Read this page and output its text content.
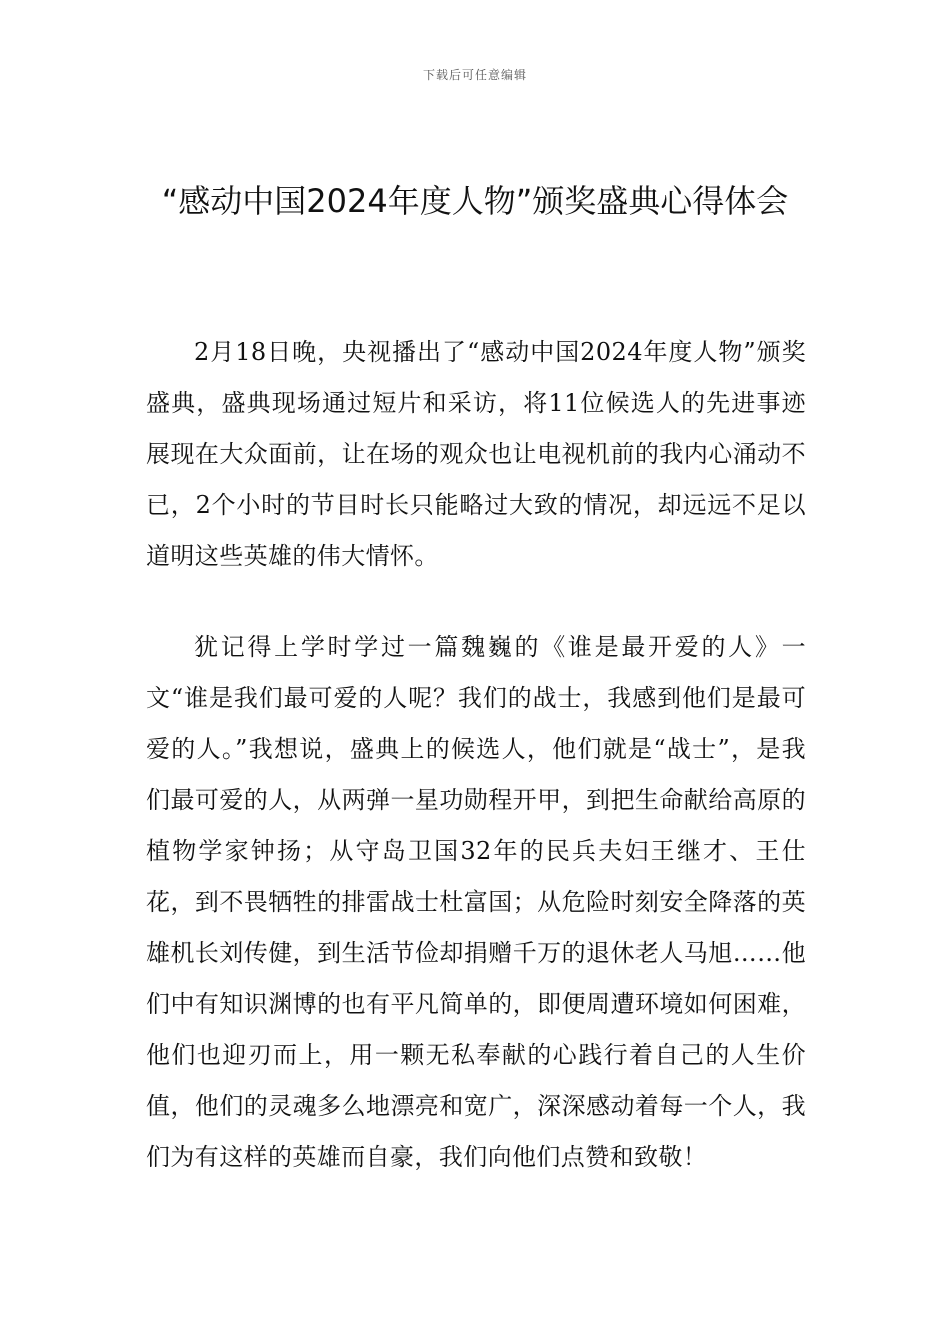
下载后可任意编辑
“感动中国2024年度人物”颁奖盛典心得体会

2月18日晚，央视播出了“感动中国2024年度人物”颁奖盛典，盛典现场通过短片和采访，将11位候选人的先进事迹展现在大众面前，让在场的观众也让电视机前的我内心涌动不已，2个小时的节目时长只能略过大致的情况，却远远不足以道明这些英雄的伟大情怀。

犹记得上学时学过一篇魏巍的《谁是最开爱的人》一文“谁是我们最可爱的人呢？我们的战士，我感到他们是最可爱的人。”我想说，盛典上的候选人，他们就是“战士”，是我们最可爱的人，从两弹一星功勋程开甲，到把生命献给高原的植物学家钟扬；从守岛卫国32年的民兵夫妇王继才、王仕花，到不畏牺牲的排雷战士杜富国；从危险时刻安全降落的英雄机长刘传健，到生活节俭却捐赠千万的退休老人马旭……他们中有知识渊博的也有平凡简单的，即便周遭环境如何困难，他们也迎刃而上，用一颗无私奉献的心践行着自己的人生价值，他们的灵魂多么地漂亮和宽广，深深感动着每一个人，我们为有这样的英雄而自豪，我们向他们点赞和致敬！
